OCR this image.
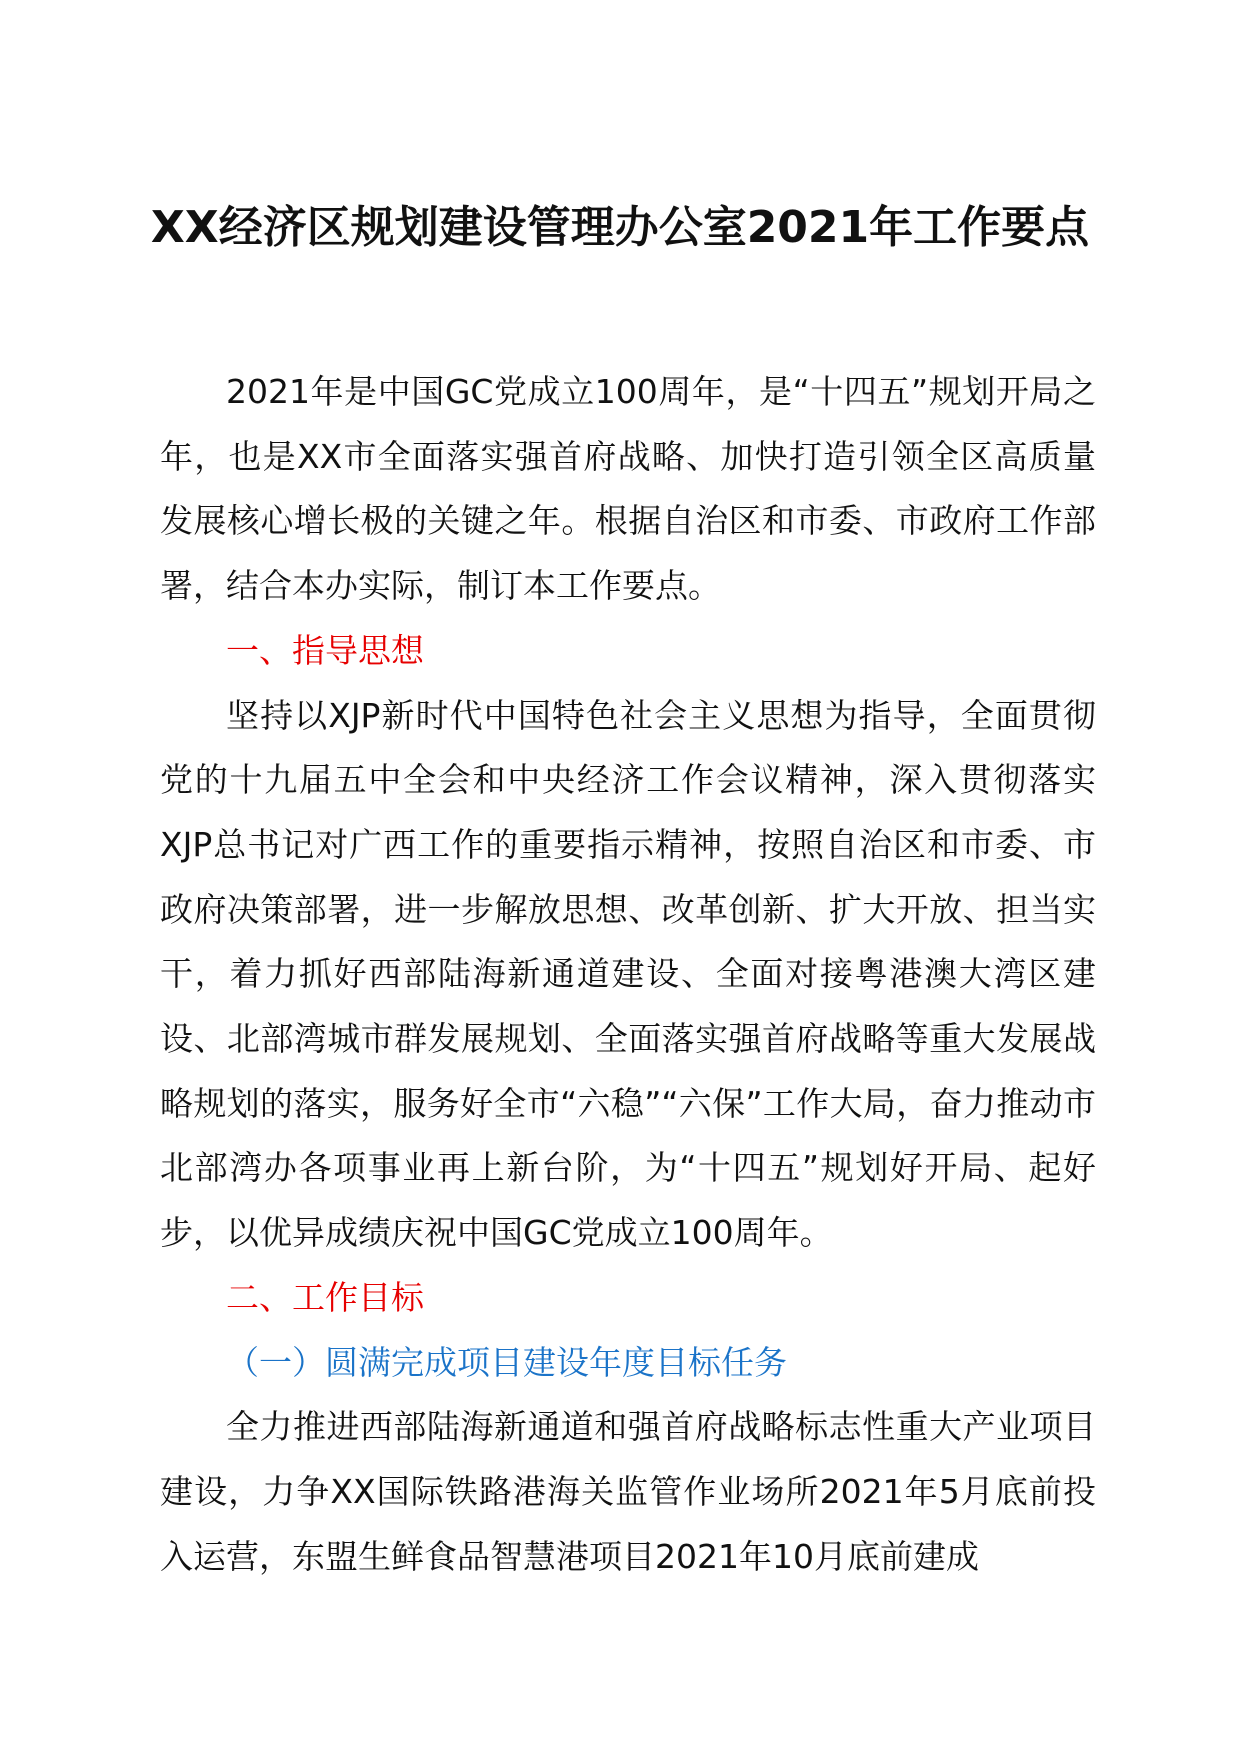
XX经济区规划建设管理办公室2021年工作要点

2021年是中国GC党成立100周年，是“十四五”规划开局之年，也是XX市全面落实强首府战略、加快打造引领全区高质量发展核心增长极的关键之年。根据自治区和市委、市政府工作部署，结合本办实际，制订本工作要点。

一、指导思想

坚持以XJP新时代中国特色社会主义思想为指导，全面贯彻党的十九届五中全会和中央经济工作会议精神，深入贯彻落实XJP总书记对广西工作的重要指示精神，按照自治区和市委、市政府决策部署，进一步解放思想、改革创新、扩大开放、担当实干，着力抓好西部陆海新通道建设、全面对接粤港澳大湾区建设、北部湾城市群发展规划、全面落实强首府战略等重大发展战略规划的落实，服务好全市“六稳”“六保”工作大局，奋力推动市北部湾办各项事业再上新台阶，为“十四五”规划好开局、起好步，以优异成绩庆祝中国GC党成立100周年。

二、工作目标

（一）圆满完成项目建设年度目标任务

全力推进西部陆海新通道和强首府战略标志性重大产业项目建设，力争XX国际铁路港海关监管作业场所2021年5月底前投入运营，东盟生鲜食品智慧港项目2021年10月底前建成
